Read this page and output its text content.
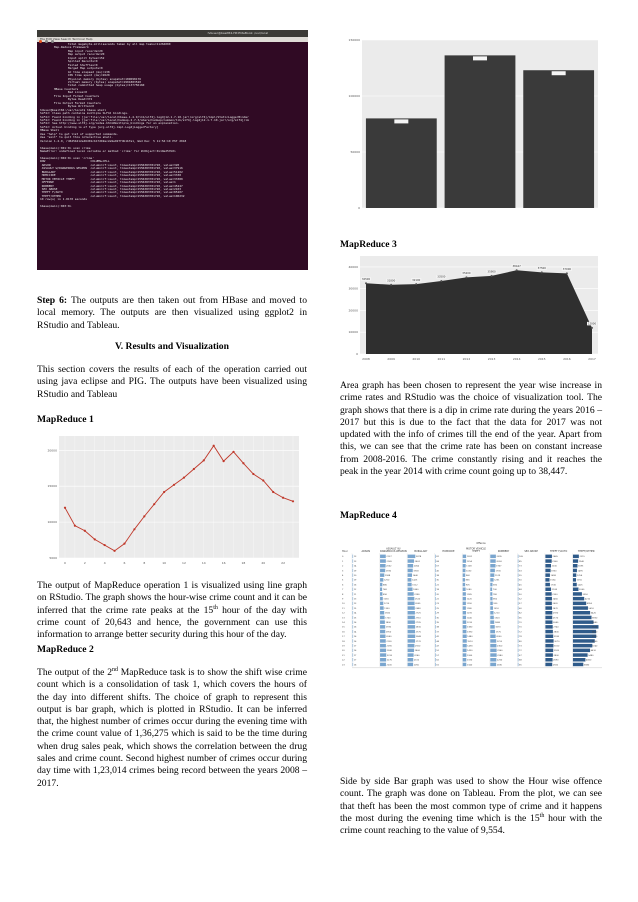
hduser@basit84-HP-EliteBook: /usr/local
File Edit View Search Terminal Help
Total megabyte-milliseconds taken by all map tasks=11264000
Map-Reduce Framework
Map input records=20
Map output records=20
Input split bytes=152
Spilled Records=0
Failed Shuffles=0
Merged Map outputs=0
GC time elapsed (ms)=138
CPU time spent (ms)=2620
Physical memory (bytes) snapshot=189698176
Virtual memory (bytes) snapshot=1901883520
Total committed heap usage (bytes)=137756160
HBase Counters
Bad Lines=0
File Input Format Counters
Bytes Read=372
File Output Format Counters
Bytes Written=0
hduser@basit84:/usr/local$ hbase shell
SLF4J: Class path contains multiple SLF4J bindings.
SLF4J: Found binding in [jar:file:/usr/local/hbase-1.4.9/lib/slf4j-log4j12-1.7.10.jar!/org/slf4j/impl/StaticLoggerBinder
SLF4J: Found binding in [jar:file:/usr/local/hadoop-2.7.3/share/hadoop/common/lib/slf4j-log4j12-1.7.10.jar!/org/slf4j/im
SLF4J: See http://www.slf4j.org/codes.html#multiple_bindings for an explanation.
SLF4J: Actual binding is of type [org.slf4j.impl.Log4jLoggerFactory]
HBase Shell
Use "help" to get list of supported commands.
Use "exit" to quit this interactive shell.
Version 1.4.9, rd625b212e46d01cb17db9ac2e9e927fdb1bfa1, Wed Dec  5 11:54:10 PST 2018

hbase(main):001:0> scan crime
NameError: undefined local variable or method `crime' for #<Object:0x19e257b0>

hbase(main):002:0> scan 'crime'
ROW                          COLUMN+CELL
ARSON                       column=cf:count, timestamp=1556383781720, value=320
ASSAULT W/DANGEROUS WEAPON  column=cf:count, timestamp=1556383781720, value=37916
BURGLARY                    column=cf:count, timestamp=1556383781720, value=51202
HOMICIDE                    column=cf:count, timestamp=1556383781720, value=3338
MOTOR VEHICLE THEFT         column=cf:count, timestamp=1556383781720, value=33380
OFFENSE                     column=cf:count, timestamp=1556383781720, value=1
ROBBERY                     column=cf:count, timestamp=1556383781720, value=45247
SEX ABUSE                   column=cf:count, timestamp=1556383781720, value=2103
THEFT F/AUTO                column=cf:count, timestamp=1556383781720, value=85207
THEFT/OTHER                 column=cf:count, timestamp=1556383781720, value=100232
10 row(s) in 1.0170 seconds

hbase(main):003:0>

Step 6: The outputs are then taken out from HBase and moved to local memory. The outputs are then visualized using ggplot2 in RStudio and Tableau.

V. Results and Visualization

This section covers the results of each of the operation carried out using java eclipse and PIG. The outputs have been visualized using RStudio and Tableau

MapReduce 1

5000
10000
15000
20000
0	2	4	6	8	10	12	14	16	18	20	22

The output of MapReduce operation 1 is visualized using line graph on RStudio. The graph shows the hour-wise crime count and it can be inferred that the crime rate peaks at the 15th hour of the day with crime count of 20,643 and hence, the government can use this information to arrange better security during this hour of the day.

MapReduce 2

The output of the 2nd MapReduce task is to show the shift wise crime count which is a consolidation of task 1, which covers the hours of the day into different shifts. The choice of graph to represent this output is bar graph, which is plotted in RStudio. It can be inferred that, the highest number of crimes occur during the evening time with the crime count value of 1,36,275 which is said to be the time during when drug sales peak, which shows the correlation between the drug sales and crime count. Second highest number of crimes occur during day time with 1,23,014 crimes being record between the years 2008 – 2017.

0
50000
100000
150000

MapReduce 3

0
10000
20000
30000
40000
32500
2008
31800
2009
32100
2010
33500
2011
35200
2012
35900
2013
38447
2014
37500
2015
37000
2016
12000
2017

Area graph has been chosen to represent the year wise increase in crime rates and RStudio was the choice of visualization tool. The graph shows that there is a dip in crime rate during the years 2016 – 2017 but this is due to the fact that the data for 2017 was not updated with the info of crimes till the end of the year. Apart from this, we can see that the crime rate has been on constant increase from 2008-2016. The crime constantly rising and it reaches the peak in the year 2014 with crime count going up to 38,447.

MapReduce 4

Offence
Hour	ARSON
ASSAULT W/
DANGEROUS WEAPON	BURGLARY	HOMICIDE
MOTOR VEHICLE
THEFT	ROBBERY	SEX ABUSE	THEFT F/AUTO	THEFT/OTHER
0	13	2137	2878	81	1281	2095	165	2445	2215
1	13	2169	2402	68	1254	2034	85	2360	1940
2	14	2062	2064	67	1108	1967	73	2100	1695
3	19	1930	1918	45	1030	1730	63	1950	1495
4	20	1588	1640	38	940	1519	55	1698	1254
5	19	1250	1425	30	856	1251	50	1554	1150
6	16	880	1512	22	905	830	45	1706	1425
7	12	768	1840	18	1080	700	48	2108	2060
8	11	890	2280	20	1185	780	50	2350	3350
9	13	1030	2520	22	1220	850	52	2460	4210
10	13	1210	2605	23	1190	930	57	2420	4950
11	15	1350	2680	25	1180	1010	60	2470	5610
12	14	1560	2725	29	1235	1210	82	2590	6420
13	15	1700	2710	30	1240	1320	65	2570	6950
14	16	1800	2735	35	1310	1480	70	2640	7680
15	16	1930	2810	38	1380	1670	70	2740	9554
16	14	1950	2770	37	1390	1770	72	2800	8650
17	16	2040	2840	42	1480	2000	78	2930	8700
18	16	2130	2770	44	1510	2210	80	3070	8160
19	17	2190	2550	47	1490	2300	73	3010	7240
20	16	2240	2400	52	1430	2360	72	2920	6410
21	17	2310	2240	57	1360	2380	67	2800	5480
22	17	2270	2100	62	1330	2260	68	2690	4660
23	16	2200	2050	61	1340	2180	65	2560	3880

Side by side Bar graph was used to show the Hour wise offence count. The graph was done on Tableau. From the plot, we can see that theft has been the most common type of crime and it happens the most during the evening time which is the 15th hour with the crime count reaching to the value of 9,554.
